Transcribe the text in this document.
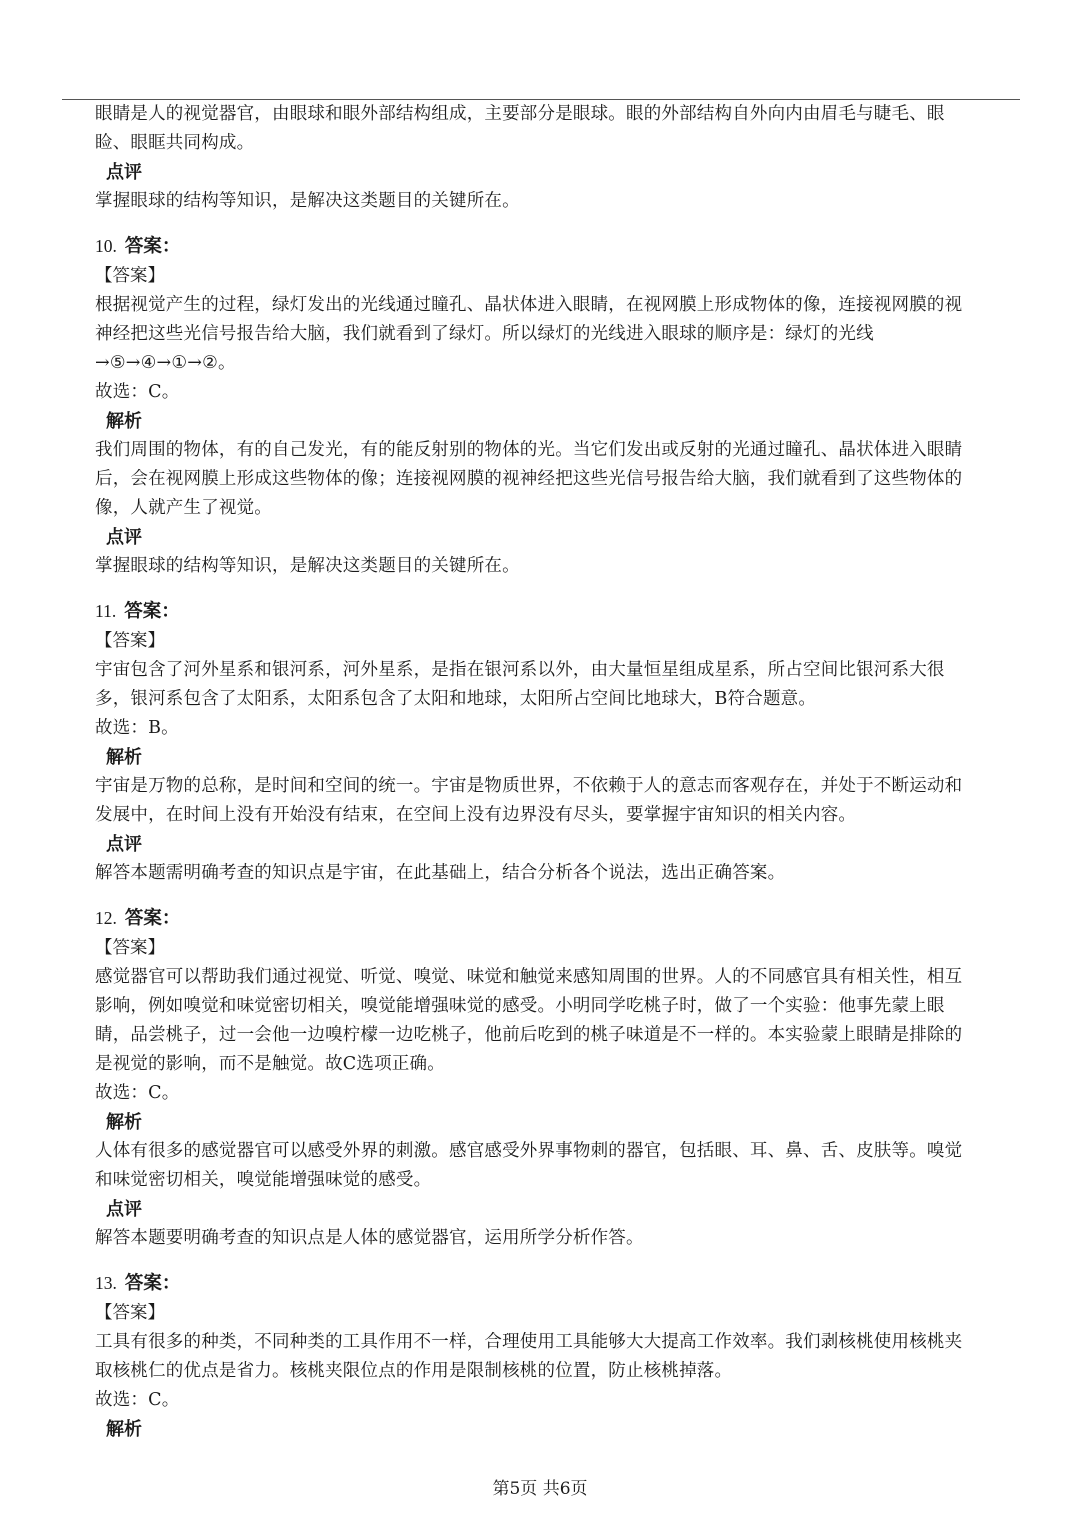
眼睛是人的视觉器官，由眼球和眼外部结构组成，主要部分是眼球。眼的外部结构自外向内由眉毛与睫毛、眼
睑、眼眶共同构成。
点评
掌握眼球的结构等知识，是解决这类题目的关键所在。
10. 答案：
【答案】
根据视觉产生的过程，绿灯发出的光线通过瞳孔、晶状体进入眼睛，在视网膜上形成物体的像，连接视网膜的视
神经把这些光信号报告给大脑，我们就看到了绿灯。所以绿灯的光线进入眼球的顺序是：绿灯的光线
→⑤→④→①→②。
故选：C。
解析
我们周围的物体，有的自己发光，有的能反射别的物体的光。当它们发出或反射的光通过瞳孔、晶状体进入眼睛
后，会在视网膜上形成这些物体的像；连接视网膜的视神经把这些光信号报告给大脑，我们就看到了这些物体的
像，人就产生了视觉。
点评
掌握眼球的结构等知识，是解决这类题目的关键所在。
11. 答案：
【答案】
宇宙包含了河外星系和银河系，河外星系，是指在银河系以外，由大量恒星组成星系，所占空间比银河系大很
多，银河系包含了太阳系，太阳系包含了太阳和地球，太阳所占空间比地球大，B符合题意。
故选：B。
解析
宇宙是万物的总称，是时间和空间的统一。宇宙是物质世界，不依赖于人的意志而客观存在，并处于不断运动和
发展中，在时间上没有开始没有结束，在空间上没有边界没有尽头，要掌握宇宙知识的相关内容。
点评
解答本题需明确考查的知识点是宇宙，在此基础上，结合分析各个说法，选出正确答案。
12. 答案：
【答案】
感觉器官可以帮助我们通过视觉、听觉、嗅觉、味觉和触觉来感知周围的世界。人的不同感官具有相关性，相互
影响，例如嗅觉和味觉密切相关，嗅觉能增强味觉的感受。小明同学吃桃子时，做了一个实验：他事先蒙上眼
睛，品尝桃子，过一会他一边嗅柠檬一边吃桃子，他前后吃到的桃子味道是不一样的。本实验蒙上眼睛是排除的
是视觉的影响，而不是触觉。故C选项正确。
故选：C。
解析
人体有很多的感觉器官可以感受外界的刺激。感官感受外界事物刺的器官，包括眼、耳、鼻、舌、皮肤等。嗅觉
和味觉密切相关，嗅觉能增强味觉的感受。
点评
解答本题要明确考查的知识点是人体的感觉器官，运用所学分析作答。
13. 答案：
【答案】
工具有很多的种类，不同种类的工具作用不一样，合理使用工具能够大大提高工作效率。我们剥核桃使用核桃夹
取核桃仁的优点是省力。核桃夹限位点的作用是限制核桃的位置，防止核桃掉落。
故选：C。
解析
第5页 共6页
